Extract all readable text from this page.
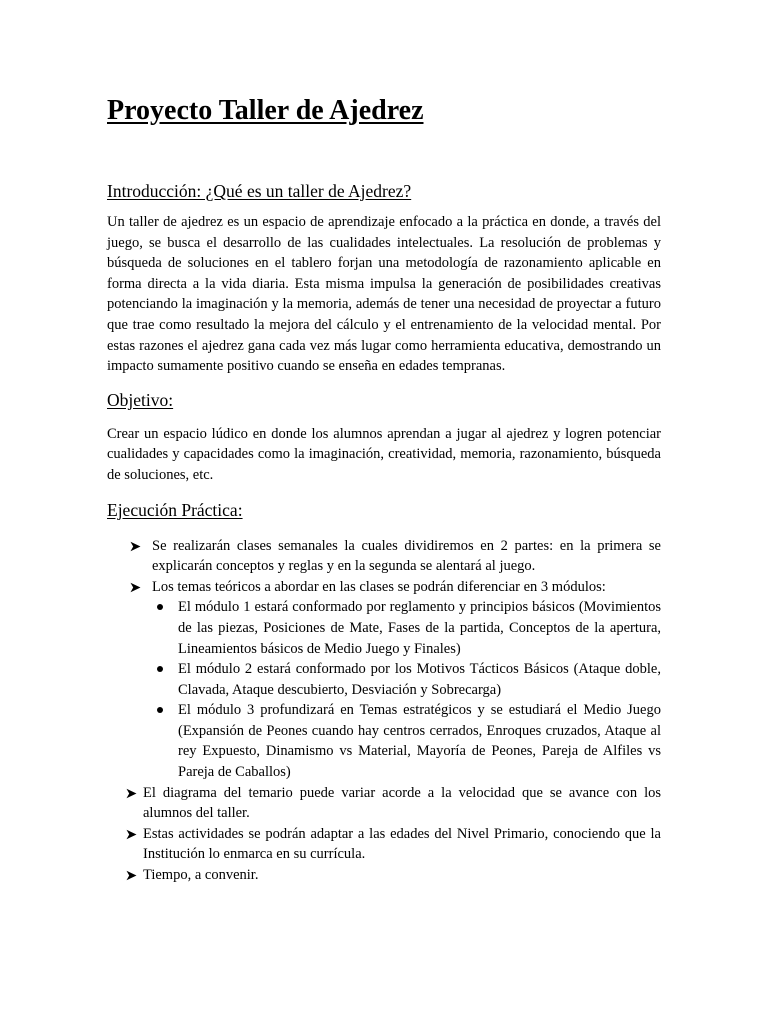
Proyecto Taller de Ajedrez
Introducción: ¿Qué es un taller de Ajedrez?

Un taller de ajedrez es un espacio de aprendizaje enfocado a la práctica en donde, a través del juego, se busca el desarrollo de las cualidades intelectuales. La resolución de problemas y búsqueda de soluciones en el tablero forjan una metodología de razonamiento aplicable en forma directa a la vida diaria. Esta misma impulsa la generación de posibilidades creativas potenciando la imaginación y la memoria, además de tener una necesidad de proyectar a futuro que trae como resultado la mejora del cálculo y el entrenamiento de la velocidad mental. Por estas razones el ajedrez gana cada vez más lugar como herramienta educativa, demostrando un impacto sumamente positivo cuando se enseña en edades tempranas.

Objetivo:

Crear un espacio lúdico en donde los alumnos aprendan a jugar al ajedrez y logren potenciar cualidades y capacidades como la imaginación, creatividad, memoria, razonamiento, búsqueda de soluciones, etc.

Ejecución Práctica:
Se realizarán clases semanales la cuales dividiremos en 2 partes: en la primera se explicarán conceptos y reglas y en la segunda se alentará al juego.
Los temas teóricos a abordar en las clases se podrán diferenciar en 3 módulos:
El módulo 1 estará conformado por reglamento y principios básicos (Movimientos de las piezas, Posiciones de Mate, Fases de la partida, Conceptos de la apertura, Lineamientos básicos de Medio Juego y Finales)
El módulo 2 estará conformado por los Motivos Tácticos Básicos (Ataque doble, Clavada, Ataque descubierto, Desviación y Sobrecarga)
El módulo 3 profundizará en Temas estratégicos y se estudiará el Medio Juego (Expansión de Peones cuando hay centros cerrados, Enroques cruzados, Ataque al rey Expuesto, Dinamismo vs Material, Mayoría de Peones, Pareja de Alfiles vs Pareja de Caballos)
El diagrama del temario puede variar acorde a la velocidad que se avance con los alumnos del taller.
Estas actividades se podrán adaptar a las edades del Nivel Primario, conociendo que la Institución lo enmarca en su currícula.
Tiempo, a convenir.
